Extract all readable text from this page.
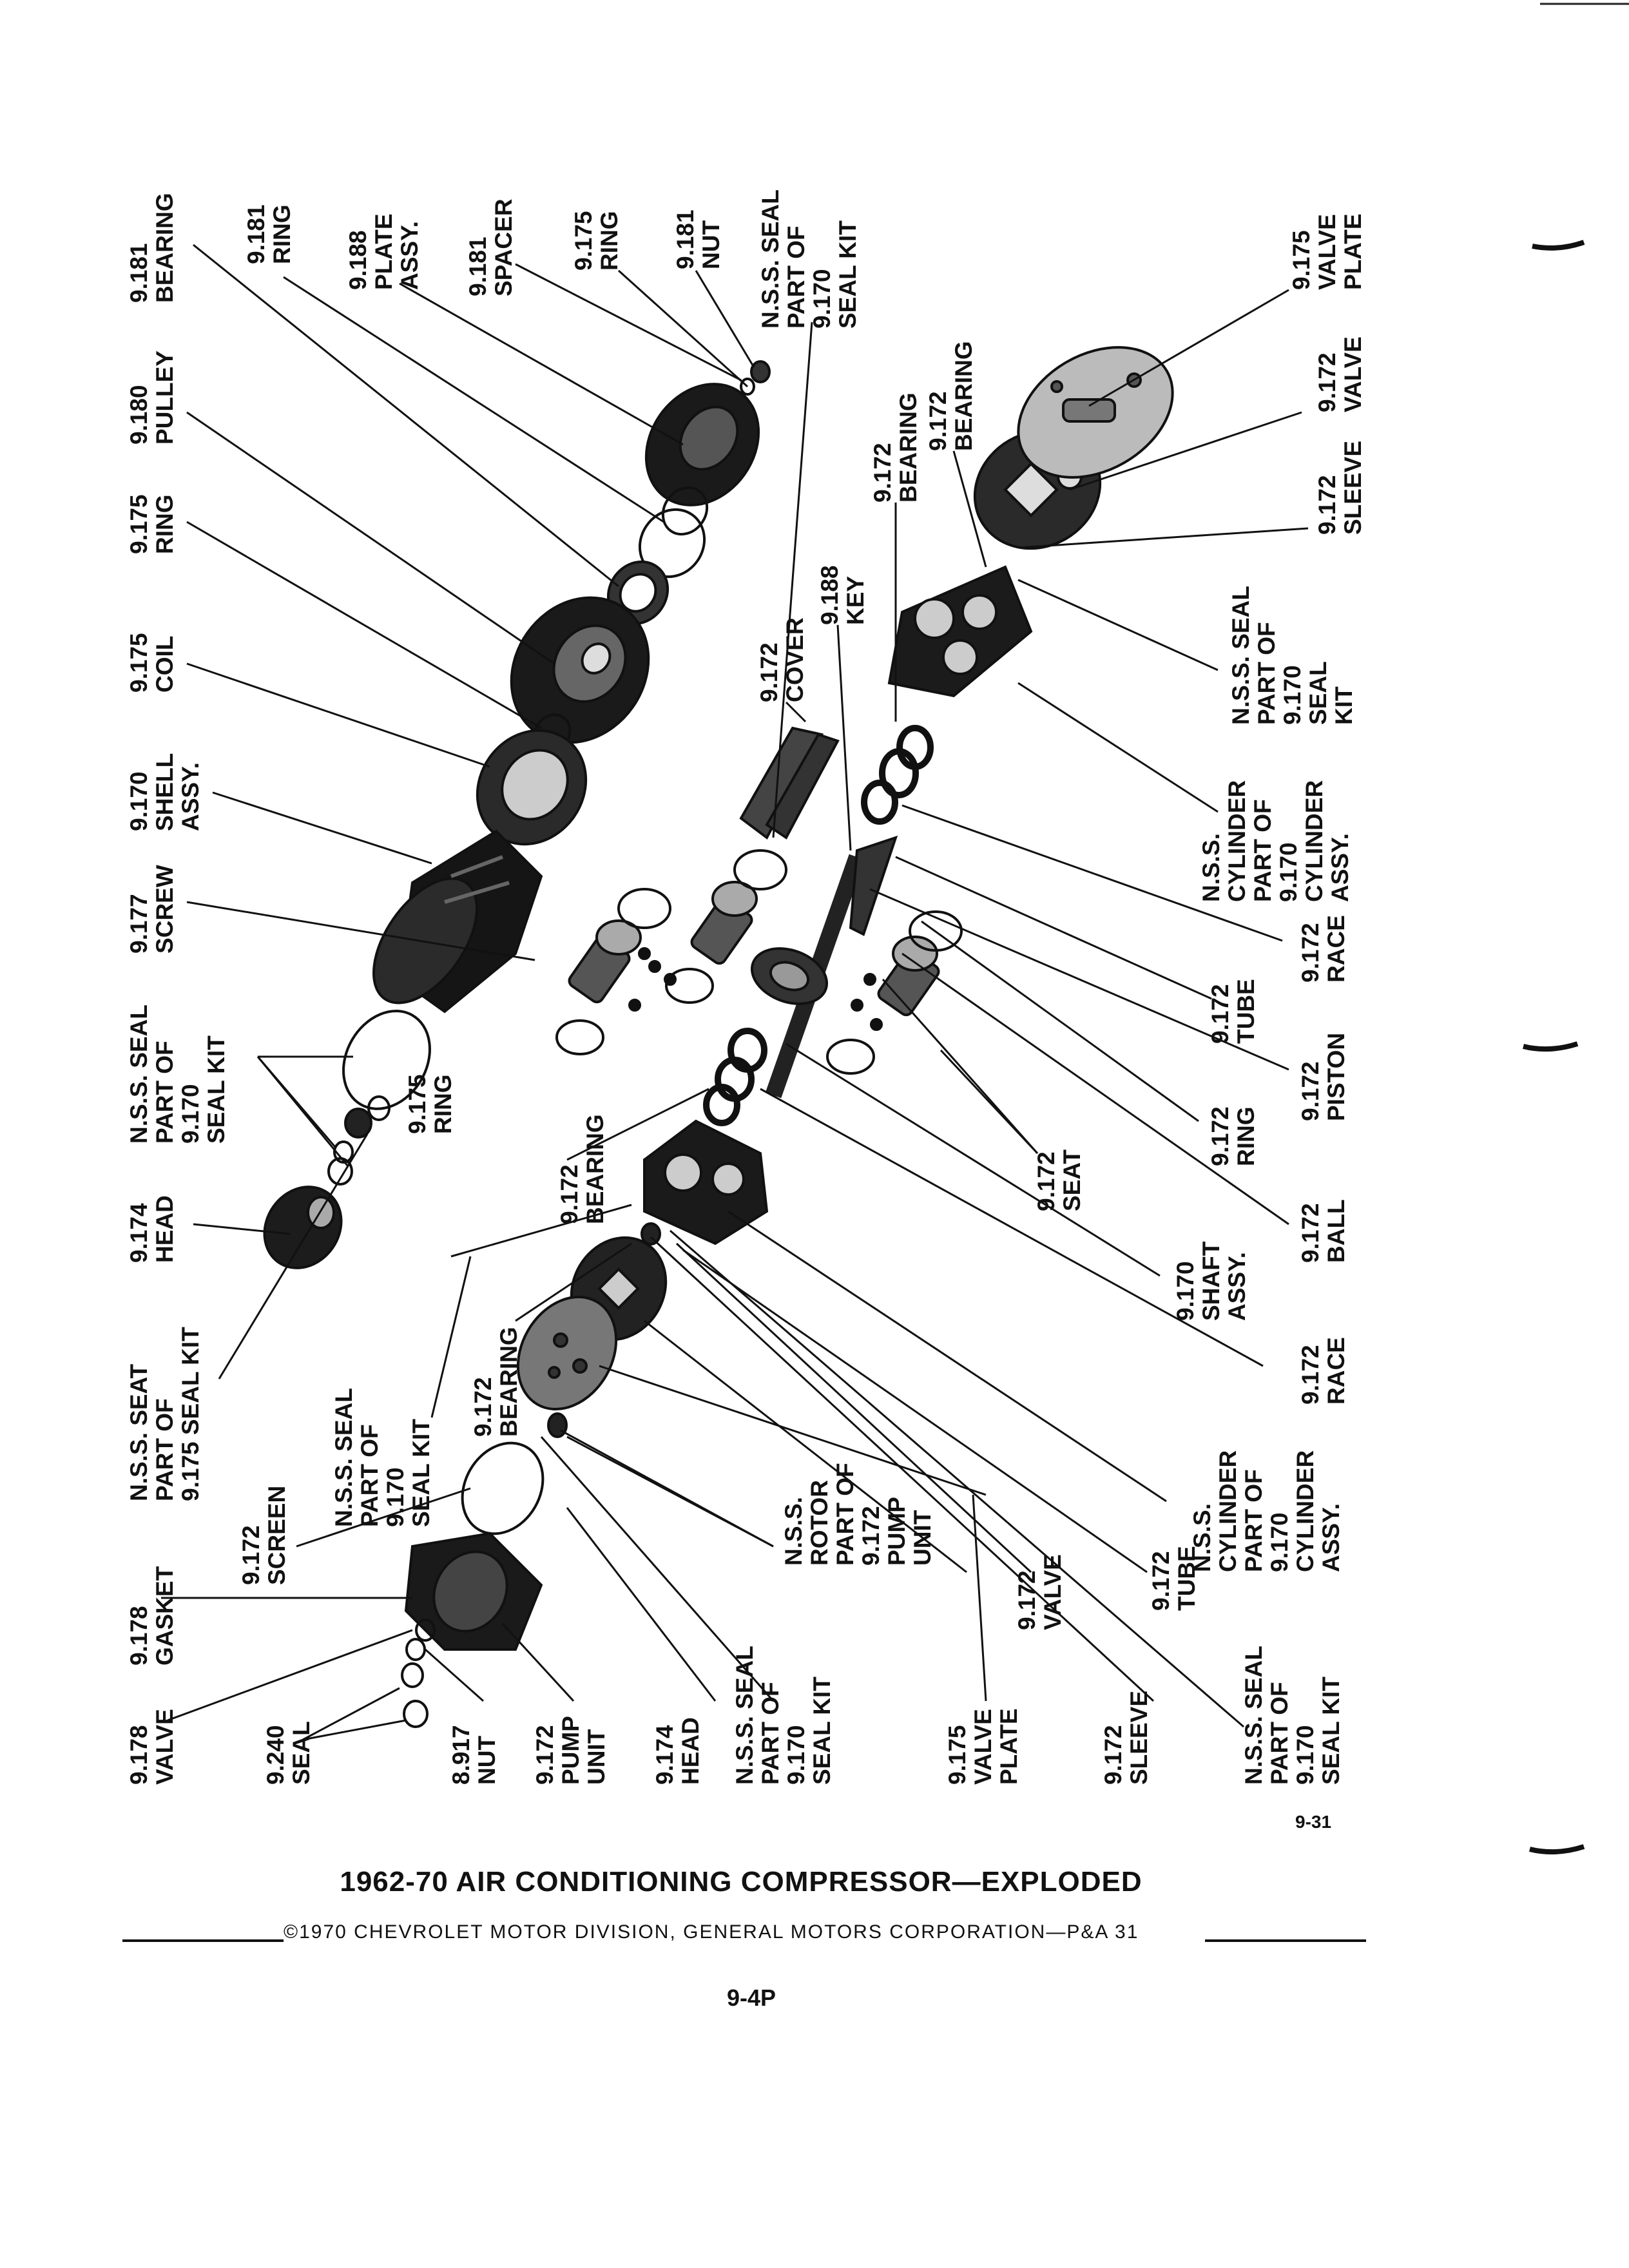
9.181
BEARING	9.181
RING 9.188
PLATE
ASSY. 9.181
SPACER 9.175
RING 9.181
NUT N.S.S. SEAL
PART OF
9.170
SEAL KIT	9.175
VALVE
PLATE
9.172
VALVE
9.172
SLEEVE
N.S.S. SEAL
PART OF
9.170
SEAL
KIT
9.172
BEARING
9.172
BEARING
9.188
KEY
9.172
COVER
9.180
PULLEY
9.175
RING
9.175
COIL
9.170
SHELL
ASSY.
9.177
SCREW
N.S.S. SEAL
PART OF
9.170
SEAL KIT	9.175
RING
9.174
HEAD
N.S.S. SEAT
PART OF
9.175 SEAL KIT
N.S.S.
CYLINDER
PART OF
9.170
CYLINDER
ASSY.
9.172
RACE
9.172
TUBE
9.172
PISTON
9.172
RING
9.172
BALL
9.172
SEAT
9.170
SHAFT
ASSY.
9.172
RACE
9.172
BEARING
9.172
BEARING
N.S.S. SEAL
PART OF
9.170
SEAL KIT
N.S.S.
CYLINDER
PART OF
9.170
CYLINDER
ASSY.
9.172
TUBE
9.172
VALVE
N.S.S.
ROTOR
PART OF
9.172
PUMP
UNIT
9.172
SCREEN
9.178
GASKET
9.178
VALVE	9.240
SEAL	8.917
NUT 9.172
PUMP
UNIT 9.174
HEAD N.S.S. SEAL
PART OF
9.170
SEAL KIT	9.175
VALVE
PLATE	9.172
SLEEVE	N.S.S. SEAL
PART OF
9.170
SEAL KIT
9-31
1962-70 AIR CONDITIONING COMPRESSOR—EXPLODED
©1970 CHEVROLET MOTOR DIVISION, GENERAL MOTORS CORPORATION—P&A 31
9-4P
